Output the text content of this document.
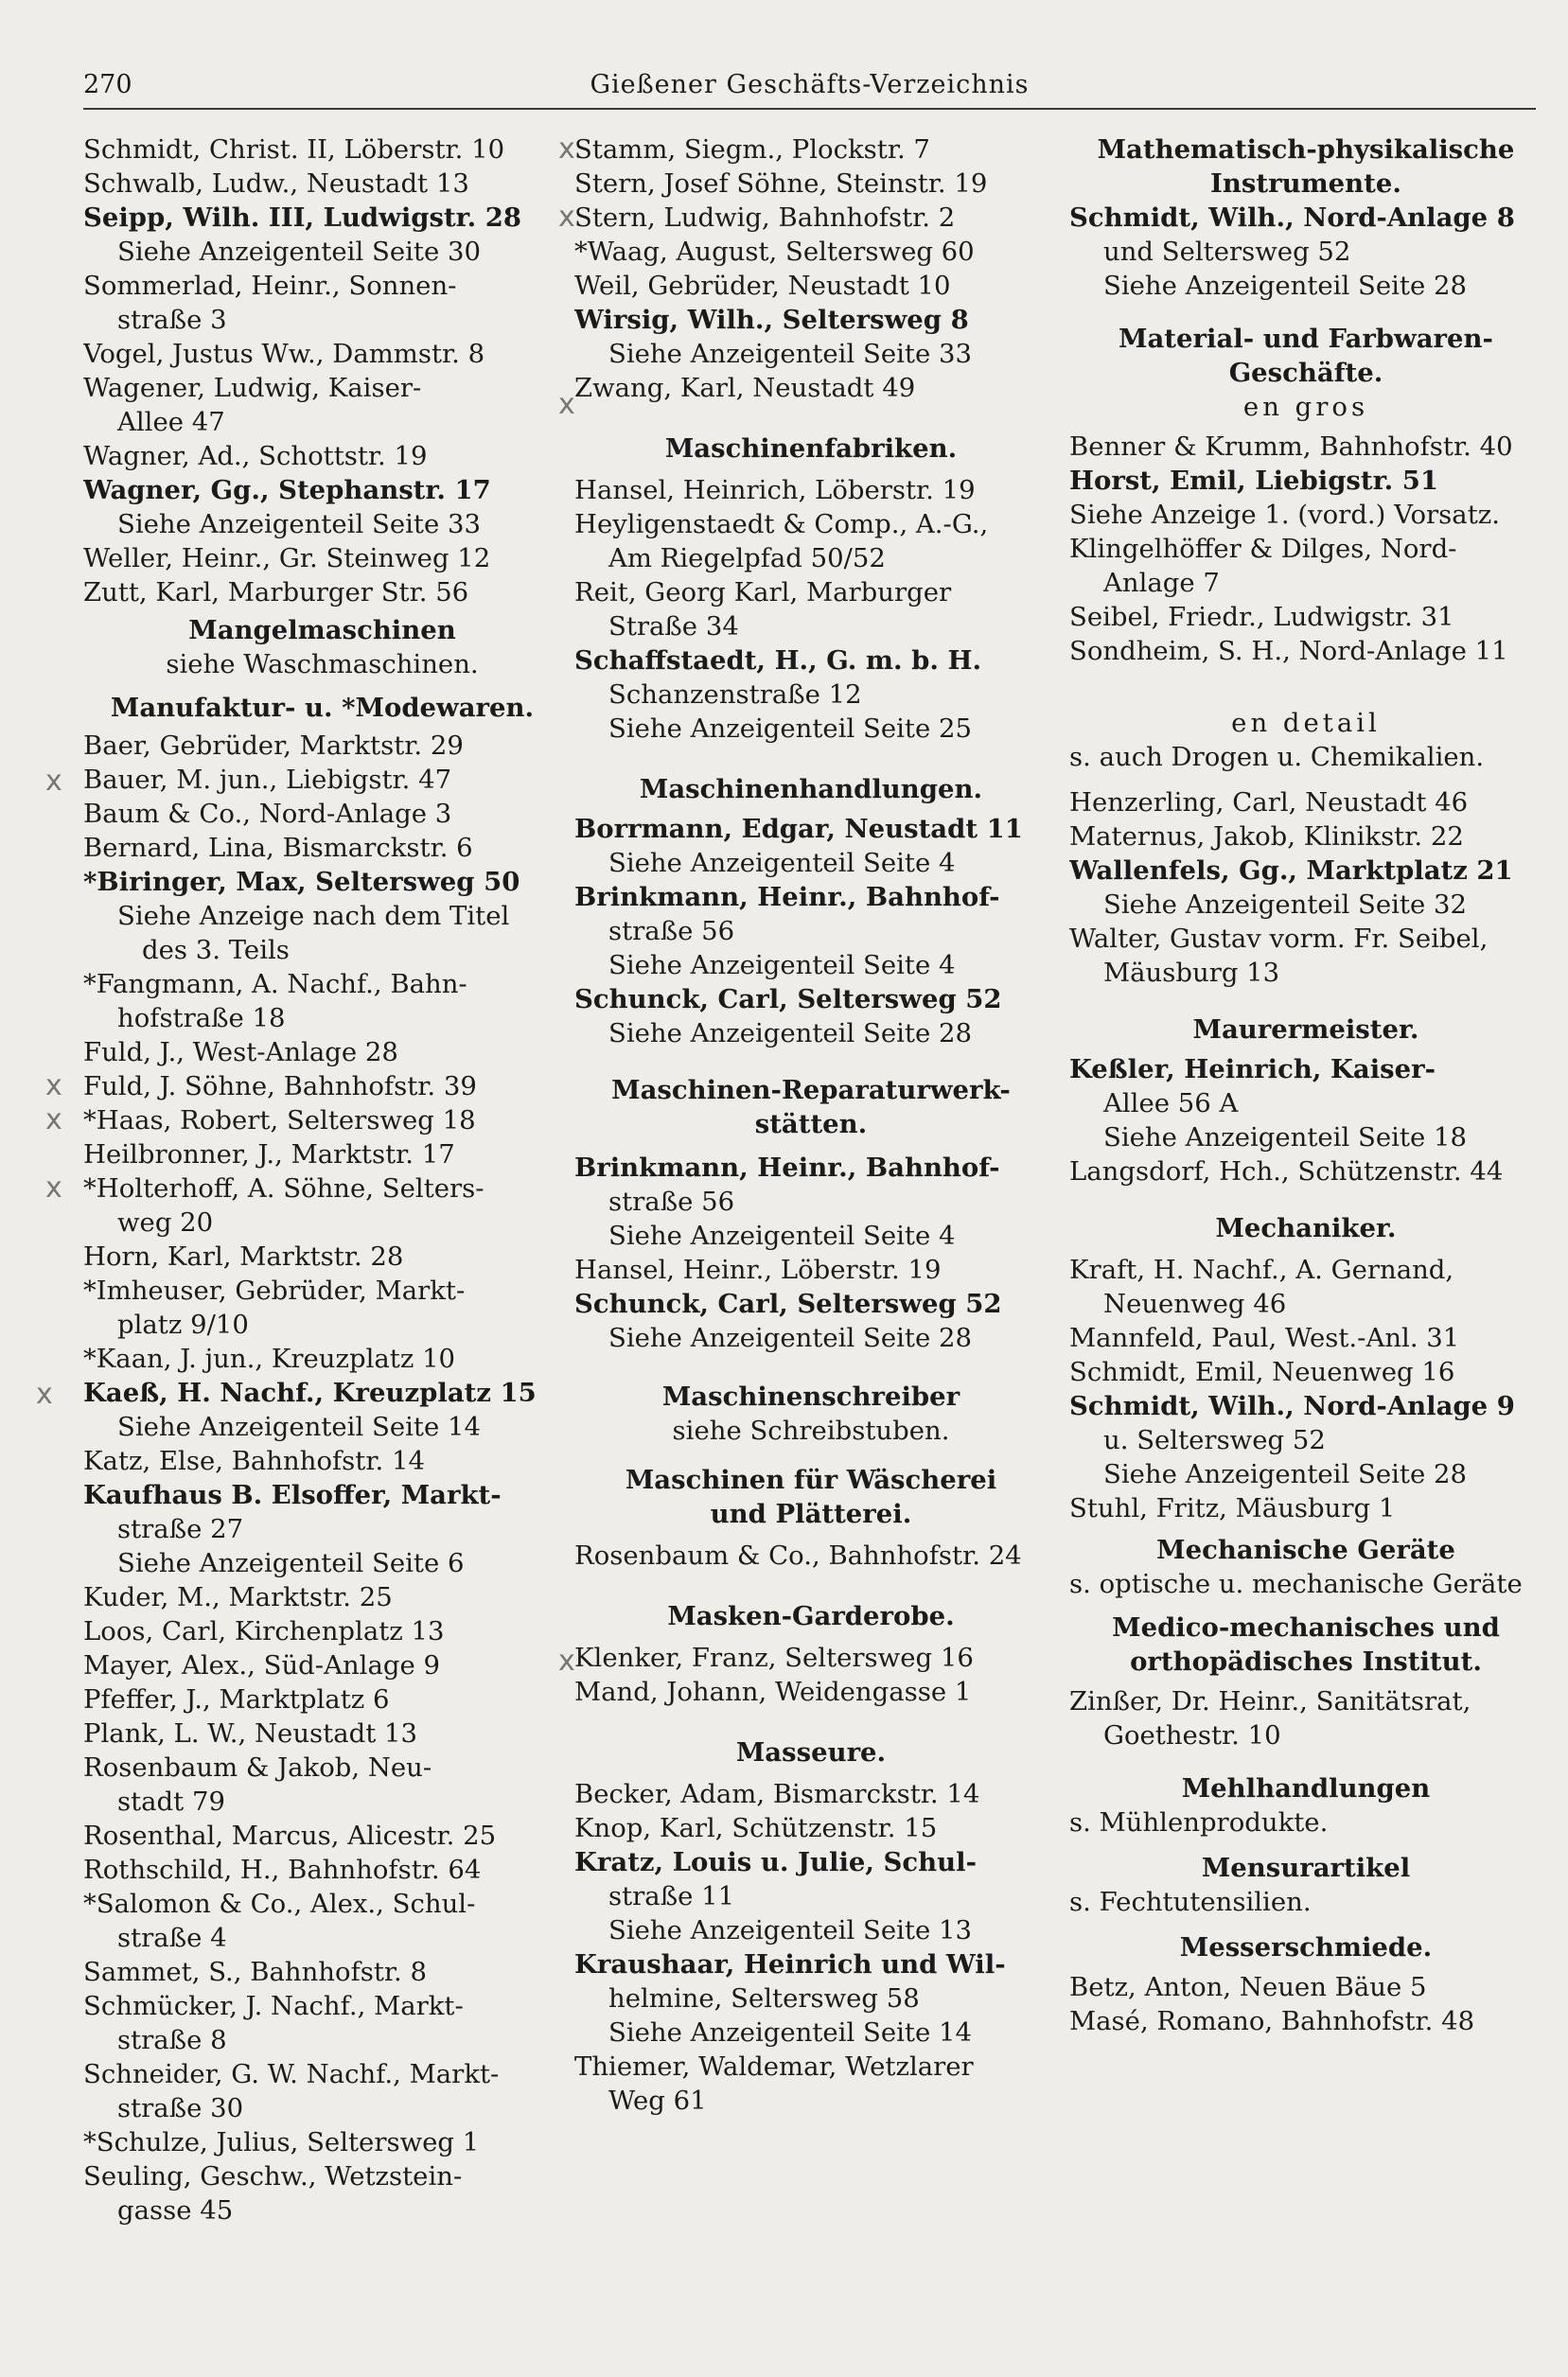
270	Gießener Geschäfts-Verzeichnis
Schmidt, Christ. II, Löberstr. 10
Schwalb, Ludw., Neustadt 13
Seipp, Wilh. III, Ludwigstr. 28
Siehe Anzeigenteil Seite 30
Sommerlad, Heinr., Sonnen-
straße 3
Vogel, Justus Ww., Dammstr. 8
Wagener, Ludwig, Kaiser-
Allee 47
Wagner, Ad., Schottstr. 19
Wagner, Gg., Stephanstr. 17
Siehe Anzeigenteil Seite 33
Weller, Heinr., Gr. Steinweg 12
Zutt, Karl, Marburger Str. 56
Mangelmaschinen
siehe Waschmaschinen.
Manufaktur- u. *Modewaren.
Baer, Gebrüder, Marktstr. 29
Bauer, M. jun., Liebigstr. 47
Baum & Co., Nord-Anlage 3
Bernard, Lina, Bismarckstr. 6
*Biringer, Max, Seltersweg 50
Siehe Anzeige nach dem Titel
des 3. Teils
*Fangmann, A. Nachf., Bahn-
hofstraße 18
Fuld, J., West-Anlage 28
Fuld, J. Söhne, Bahnhofstr. 39
*Haas, Robert, Seltersweg 18
Heilbronner, J., Marktstr. 17
*Holterhoff, A. Söhne, Selters-
weg 20
Horn, Karl, Marktstr. 28
*Imheuser, Gebrüder, Markt-
platz 9/10
*Kaan, J. jun., Kreuzplatz 10
Kaeß, H. Nachf., Kreuzplatz 15
Siehe Anzeigenteil Seite 14
Katz, Else, Bahnhofstr. 14
Kaufhaus B. Elsoffer, Markt-
straße 27
Siehe Anzeigenteil Seite 6
Kuder, M., Marktstr. 25
Loos, Carl, Kirchenplatz 13
Mayer, Alex., Süd-Anlage 9
Pfeffer, J., Marktplatz 6
Plank, L. W., Neustadt 13
Rosenbaum & Jakob, Neu-
stadt 79
Rosenthal, Marcus, Alicestr. 25
Rothschild, H., Bahnhofstr. 64
*Salomon & Co., Alex., Schul-
straße 4
Sammet, S., Bahnhofstr. 8
Schmücker, J. Nachf., Markt-
straße 8
Schneider, G. W. Nachf., Markt-
straße 30
*Schulze, Julius, Seltersweg 1
Seuling, Geschw., Wetzstein-
gasse 45
Stamm, Siegm., Plockstr. 7
Stern, Josef Söhne, Steinstr. 19
Stern, Ludwig, Bahnhofstr. 2
*Waag, August, Seltersweg 60
Weil, Gebrüder, Neustadt 10
Wirsig, Wilh., Seltersweg 8
Siehe Anzeigenteil Seite 33
Zwang, Karl, Neustadt 49
Maschinenfabriken.
Hansel, Heinrich, Löberstr. 19
Heyligenstaedt & Comp., A.-G.,
Am Riegelpfad 50/52
Reit, Georg Karl, Marburger
Straße 34
Schaffstaedt, H., G. m. b. H.
Schanzenstraße 12
Siehe Anzeigenteil Seite 25
Maschinenhandlungen.
Borrmann, Edgar, Neustadt 11
Siehe Anzeigenteil Seite 4
Brinkmann, Heinr., Bahnhof-
straße 56
Siehe Anzeigenteil Seite 4
Schunck, Carl, Seltersweg 52
Siehe Anzeigenteil Seite 28
Maschinen-Reparaturwerk-
stätten.
Brinkmann, Heinr., Bahnhof-
straße 56
Siehe Anzeigenteil Seite 4
Hansel, Heinr., Löberstr. 19
Schunck, Carl, Seltersweg 52
Siehe Anzeigenteil Seite 28
Maschinenschreiber
siehe Schreibstuben.
Maschinen für Wäscherei
und Plätterei.
Rosenbaum & Co., Bahnhofstr. 24
Masken-Garderobe.
Klenker, Franz, Seltersweg 16
Mand, Johann, Weidengasse 1
Masseure.
Becker, Adam, Bismarckstr. 14
Knop, Karl, Schützenstr. 15
Kratz, Louis u. Julie, Schul-
straße 11
Siehe Anzeigenteil Seite 13
Kraushaar, Heinrich und Wil-
helmine, Seltersweg 58
Siehe Anzeigenteil Seite 14
Thiemer, Waldemar, Wetzlarer
Weg 61
Mathematisch-physikalische
Instrumente.
Schmidt, Wilh., Nord-Anlage 8
und Seltersweg 52
Siehe Anzeigenteil Seite 28
Material- und Farbwaren-
Geschäfte.
en gros
Benner & Krumm, Bahnhofstr. 40
Horst, Emil, Liebigstr. 51
Siehe Anzeige 1. (vord.) Vorsatz.
Klingelhöffer & Dilges, Nord-
Anlage 7
Seibel, Friedr., Ludwigstr. 31
Sondheim, S. H., Nord-Anlage 11
en detail
s. auch Drogen u. Chemikalien.
Henzerling, Carl, Neustadt 46
Maternus, Jakob, Klinikstr. 22
Wallenfels, Gg., Marktplatz 21
Siehe Anzeigenteil Seite 32
Walter, Gustav vorm. Fr. Seibel,
Mäusburg 13
Maurermeister.
Keßler, Heinrich, Kaiser-
Allee 56 A
Siehe Anzeigenteil Seite 18
Langsdorf, Hch., Schützenstr. 44
Mechaniker.
Kraft, H. Nachf., A. Gernand,
Neuenweg 46
Mannfeld, Paul, West.-Anl. 31
Schmidt, Emil, Neuenweg 16
Schmidt, Wilh., Nord-Anlage 9
u. Seltersweg 52
Siehe Anzeigenteil Seite 28
Stuhl, Fritz, Mäusburg 1
Mechanische Geräte
s. optische u. mechanische Geräte
Medico-mechanisches und
orthopädisches Institut.
Zinßer, Dr. Heinr., Sanitätsrat,
Goethestr. 10
Mehlhandlungen
s. Mühlenprodukte.
Mensurartikel
s. Fechtutensilien.
Messerschmiede.
Betz, Anton, Neuen Bäue 5
Masé, Romano, Bahnhofstr. 48
x
x
x
x
x
x
x
x
x
